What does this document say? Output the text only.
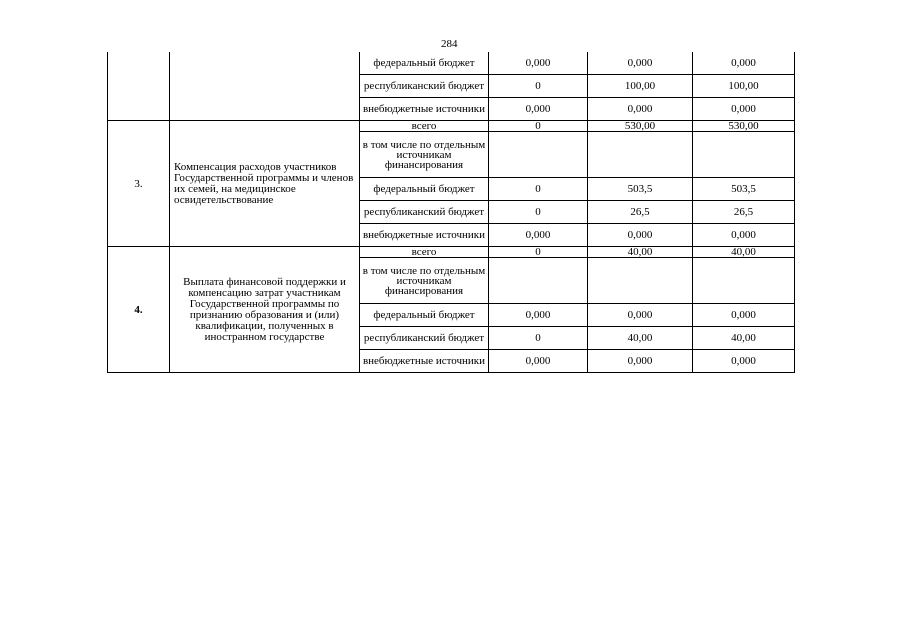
284
		федеральный бюджет	0,000	0,000	0,000
		республиканский бюджет	0	100,00	100,00
		внебюджетные источники	0,000	0,000	0,000
3.	Компенсация расходов участников Государственной программы и членов их семей, на медицинское освидетельствование	всего	0	530,00	530,00
		в том числе по отдельным источникам финансирования			
		федеральный бюджет	0	503,5	503,5
		республиканский бюджет	0	26,5	26,5
		внебюджетные источники	0,000	0,000	0,000
4.	Выплата финансовой поддержки и компенсацию затрат участникам Государственной программы по признанию образования и (или) квалификации, полученных в иностранном государстве	всего	0	40,00	40,00
		в том числе по отдельным источникам финансирования			
		федеральный бюджет	0,000	0,000	0,000
		республиканский бюджет	0	40,00	40,00
		внебюджетные источники	0,000	0,000	0,000
